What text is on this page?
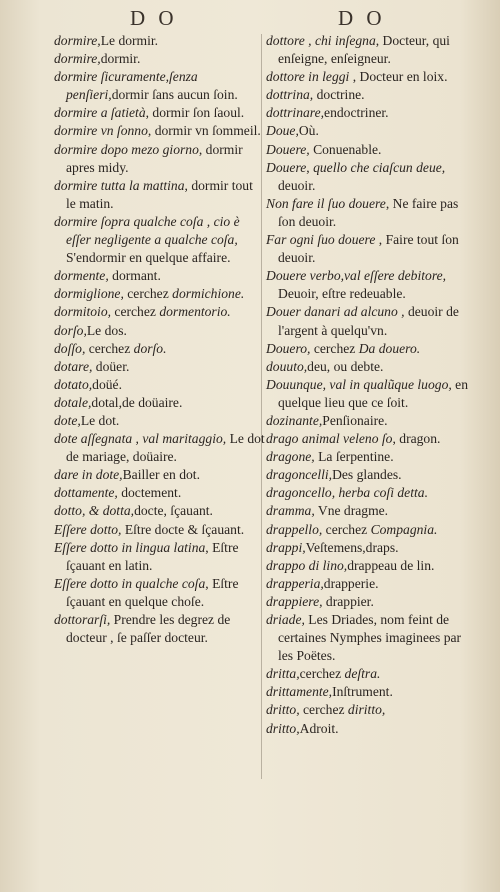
D O	D O

dormire,Le dormir.

dormire,dormir.

dormire ſicuramente,ſenza penſieri,dormir ſans aucun ſoin.

dormire a ſatietà, dormir ſon ſaoul.

dormire vn ſonno, dormir vn ſommeil.

dormire dopo mezo giorno, dormir apres midy.

dormire tutta la mattina, dormir tout le matin.

dormire ſopra qualche coſa , cio è eſſer negligente a qualche coſa, S'endormir en quelque affaire.

dormente, dormant.

dormiglione, cerchez dormichione.

dormitoio, cerchez dormentorio.

dorſo,Le dos.

doſſo, cerchez dorſo.

dotare, doüer.

dotato,doüé.

dotale,dotal,de doüaire.

dote,Le dot.

dote aſſegnata , val maritaggio, Le dot de mariage, doüaire.

dare in dote,Bailler en dot.

dottamente, doctement.

dotto, & dotta,docte, ſçauant.

Eſſere dotto, Eſtre docte & ſçauant.

Eſſere dotto in lingua latina, Eſtre ſçauant en latin.

Eſſere dotto in qualche coſa, Eſtre ſçauant en quelque choſe.

dottorarſi, Prendre les degrez de docteur , ſe paſſer docteur.

dottore , chi inſegna, Docteur, qui enſeigne, enſeigneur.

dottore in leggi , Docteur en loix.

dottrina, doctrine.

dottrinare,endoctriner.

Doue,Où.

Douere, Conuenable.

Douere, quello che ciaſcun deue, deuoir.

Non fare il ſuo douere, Ne faire pas ſon deuoir.

Far ogni ſuo douere , Faire tout ſon deuoir.

Douere verbo,val eſſere debitore, Deuoir, eſtre redeuable.

Douer danari ad alcuno , deuoir de l'argent à quelqu'vn.

Douero, cerchez Da douero.

douuto,deu, ou debte.

Douunque, val in qualũque luogo, en quelque lieu que ce ſoit.

dozinante,Penſionaire.

drago animal veleno ſo, dragon.

dragone, La ſerpentine.

dragoncelli,Des glandes.

dragoncello, herba coſi detta.

dramma, Vne dragme.

drappello, cerchez Compagnia.

drappi,Veſtemens,draps.

drappo di lino,drappeau de lin.

drapperia,drapperie.

drappiere, drappier.

driade, Les Driades, nom feint de certaines Nymphes imaginees par les Poëtes.

dritta,cerchez deſtra.

drittamente,Inſtrument.

dritto, cerchez diritto,

dritto,Adroit.
